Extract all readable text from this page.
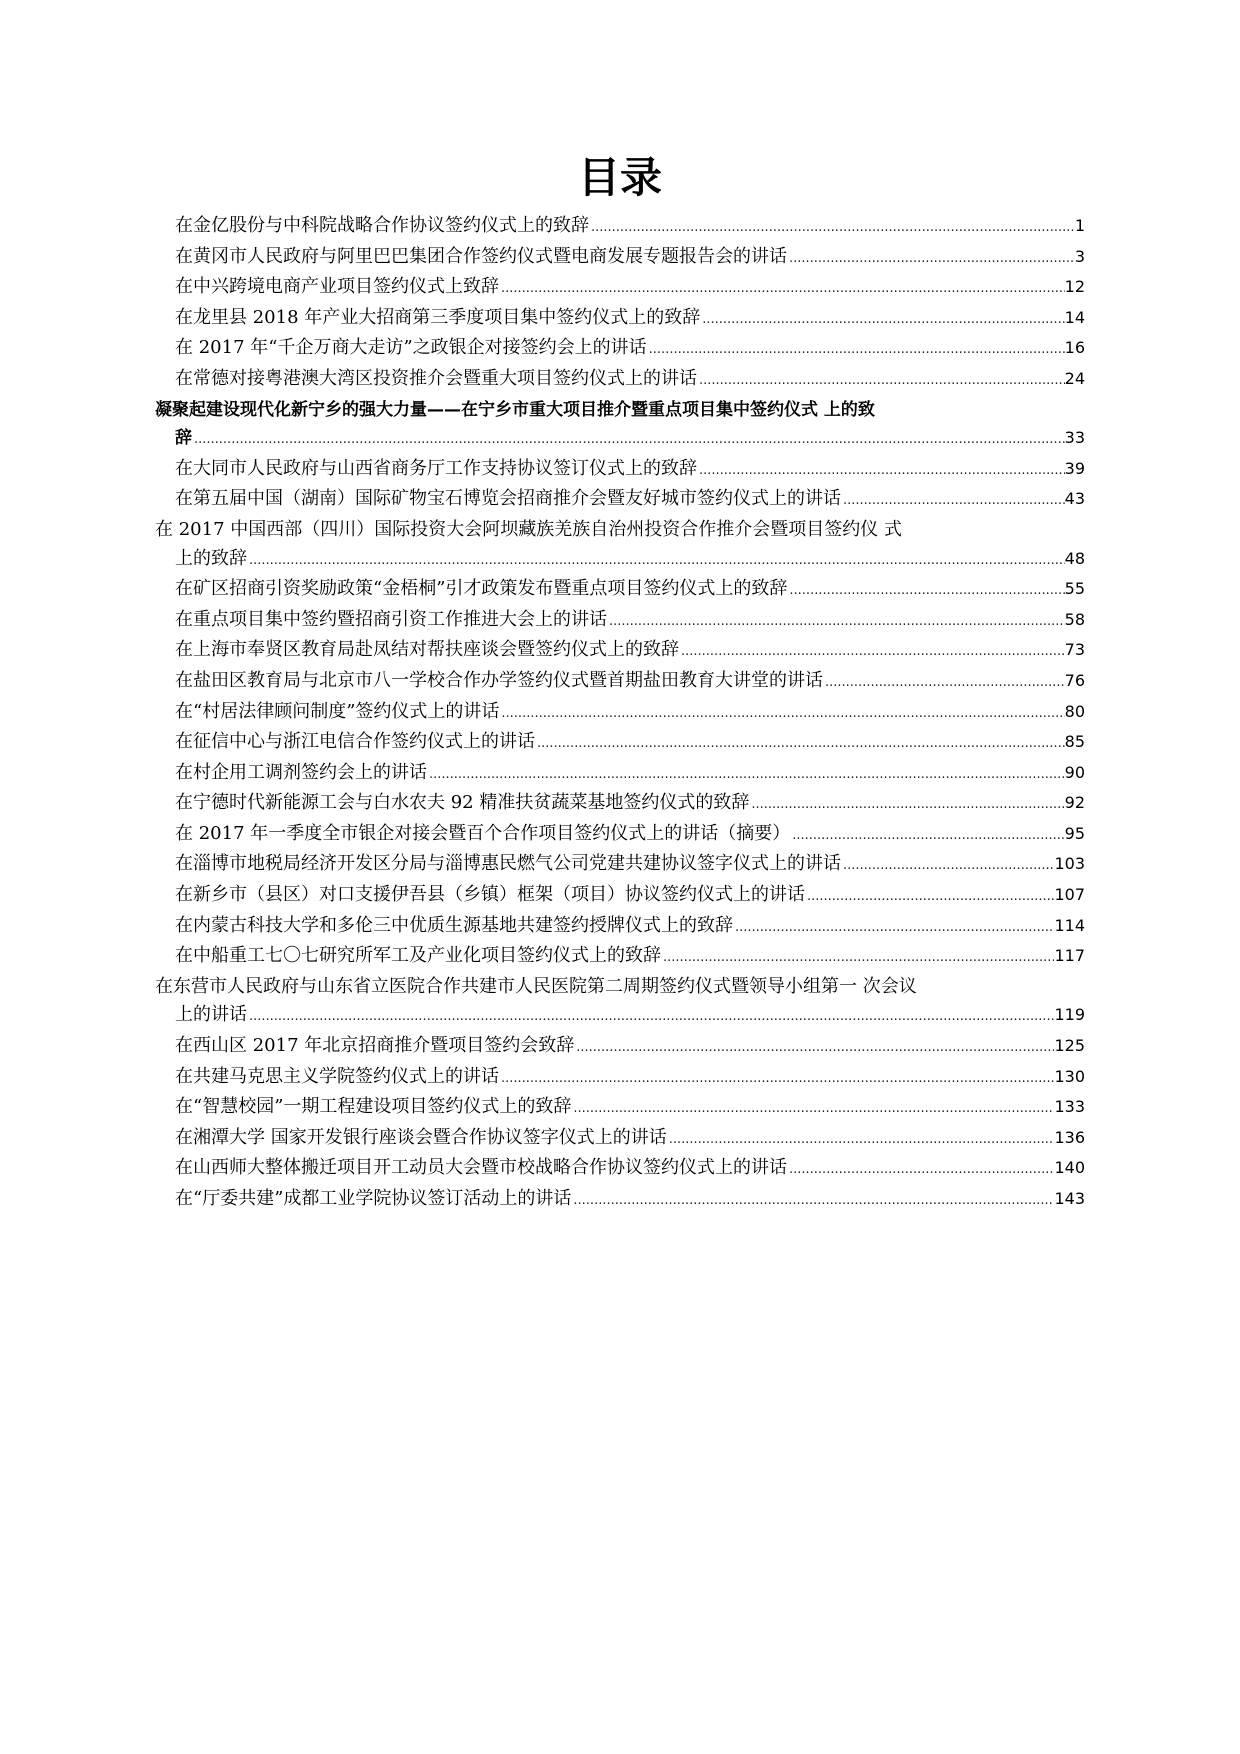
目录
在金亿股份与中科院战略合作协议签约仪式上的致辞 .....	1
在黄冈市人民政府与阿里巴巴集团合作签约仪式暨电商发展专题报告会的讲话 .....	3
在中兴跨境电商产业项目签约仪式上致辞 .....	12
在龙里县 2018 年产业大招商第三季度项目集中签约仪式上的致辞 .....	14
在 2017 年“千企万商大走访”之政银企对接签约会上的讲话 .....	16
在常德对接粤港澳大湾区投资推介会暨重大项目签约仪式上的讲话 .....	24
凝聚起建设现代化新宁乡的强大力量——在宁乡市重大项目推介暨重点项目集中签约仪式 上的致
辞 .....	33
在大同市人民政府与山西省商务厅工作支持协议签订仪式上的致辞 .....	39
在第五届中国（湖南）国际矿物宝石博览会招商推介会暨友好城市签约仪式上的讲话 .....	43
在 2017 中国西部（四川）国际投资大会阿坝藏族羌族自治州投资合作推介会暨项目签约仪 式
上的致辞 .....	48
在矿区招商引资奖励政策“金梧桐”引才政策发布暨重点项目签约仪式上的致辞 .....	55
在重点项目集中签约暨招商引资工作推进大会上的讲话 .....	58
在上海市奉贤区教育局赴凤结对帮扶座谈会暨签约仪式上的致辞 .....	73
在盐田区教育局与北京市八一学校合作办学签约仪式暨首期盐田教育大讲堂的讲话 .....	76
在“村居法律顾问制度”签约仪式上的讲话 .....	80
在征信中心与浙江电信合作签约仪式上的讲话 .....	85
在村企用工调剂签约会上的讲话 .....	90
在宁德时代新能源工会与白水农夫 92 精准扶贫蔬菜基地签约仪式的致辞 .....	92
在 2017 年一季度全市银企对接会暨百个合作项目签约仪式上的讲话（摘要） .....	95
在淄博市地税局经济开发区分局与淄博惠民燃气公司党建共建协议签字仪式上的讲话 .....	103
在新乡市（县区）对口支援伊吾县（乡镇）框架（项目）协议签约仪式上的讲话 .....	107
在内蒙古科技大学和多伦三中优质生源基地共建签约授牌仪式上的致辞 .....	114
在中船重工七〇七研究所军工及产业化项目签约仪式上的致辞 .....	117
在东营市人民政府与山东省立医院合作共建市人民医院第二周期签约仪式暨领导小组第一 次会议
上的讲话 .....	119
在西山区 2017 年北京招商推介暨项目签约会致辞 .....	125
在共建马克思主义学院签约仪式上的讲话 .....	130
在“智慧校园”一期工程建设项目签约仪式上的致辞 .....	133
在湘潭大学 国家开发银行座谈会暨合作协议签字仪式上的讲话 .....	136
在山西师大整体搬迁项目开工动员大会暨市校战略合作协议签约仪式上的讲话 .....	140
在“厅委共建”成都工业学院协议签订活动上的讲话 .....	143
